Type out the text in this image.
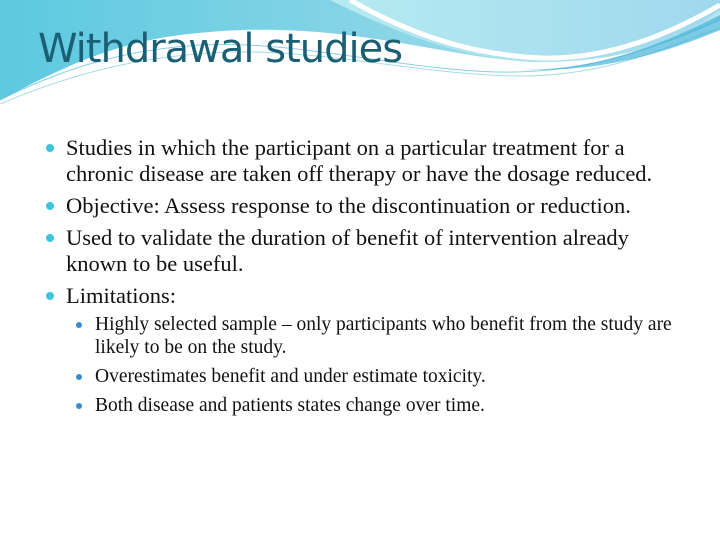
Withdrawal studies
Studies in which the participant on a particular treatment for a chronic disease are taken off therapy or have the dosage reduced.
Objective: Assess response to the discontinuation or reduction.
Used to validate the duration of benefit of intervention already known to be useful.
Limitations:
Highly selected sample – only participants who benefit from the study are likely to be on the study.
Overestimates benefit and under estimate toxicity.
Both disease and patients states change over time.
